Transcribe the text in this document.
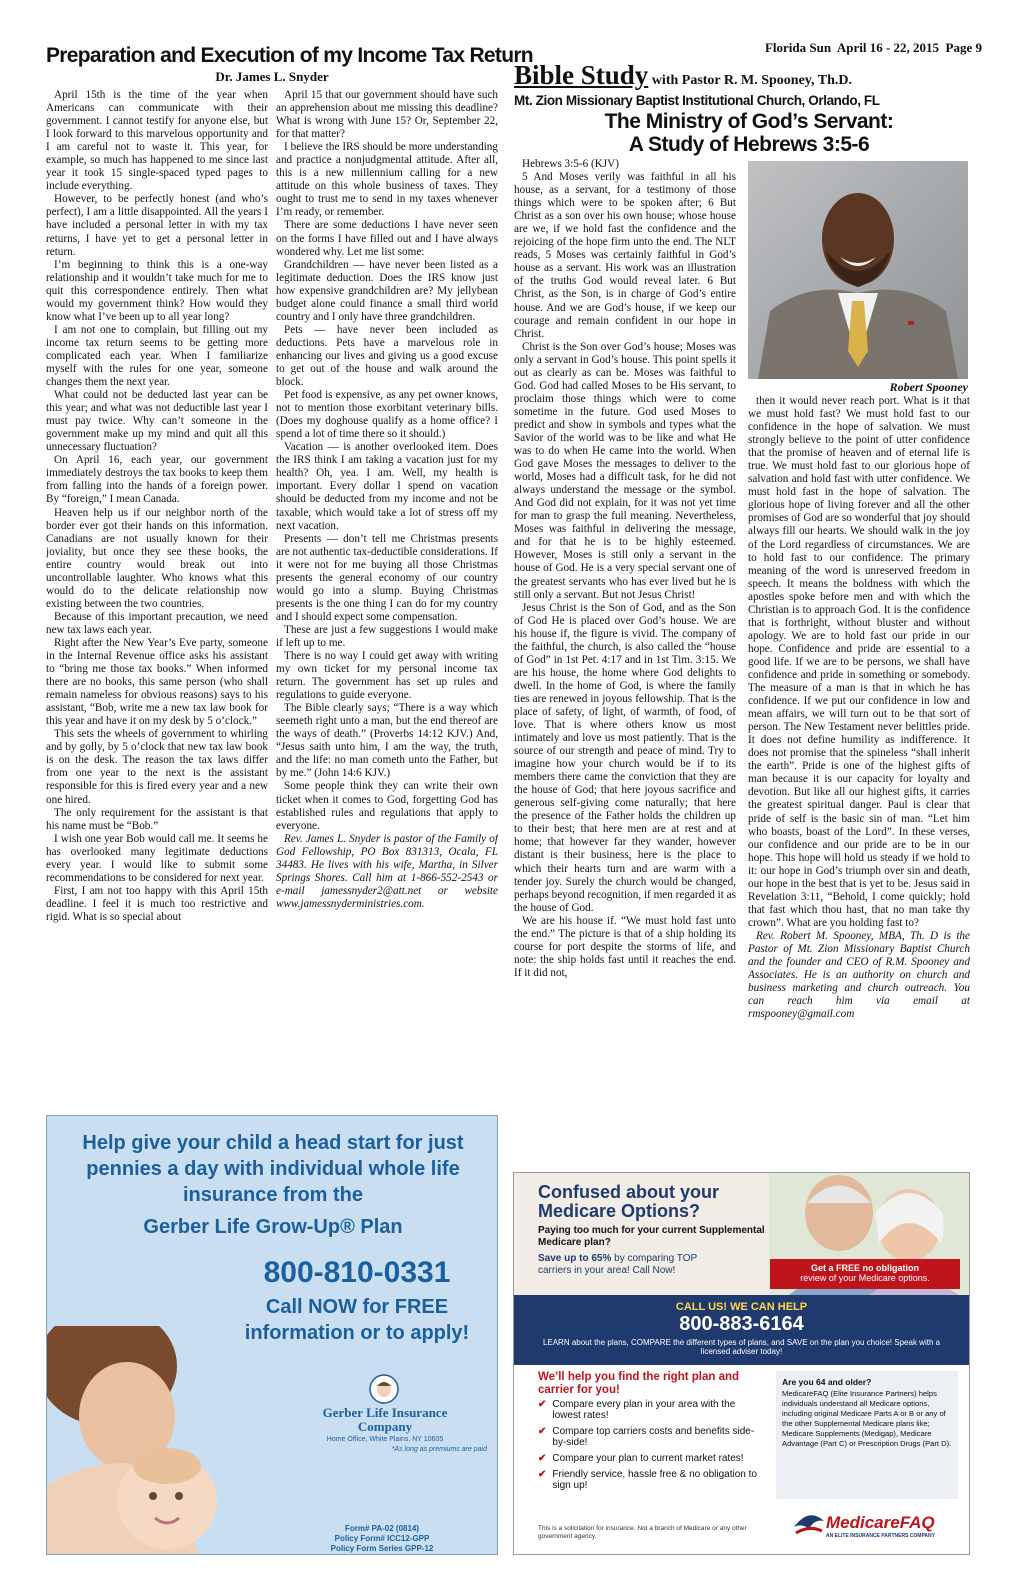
Florida Sun  April 16 - 22, 2015  Page 9
Preparation and Execution of my Income Tax Return
Dr. James L. Snyder

April 15th is the time of the year when Americans can communicate with their government. I cannot testify for anyone else, but I look forward to this marvelous opportunity and I am careful not to waste it. This year, for example, so much has happened to me since last year it took 15 single-spaced typed pages to include everything.

However, to be perfectly honest (and who’s perfect), I am a little disappointed. All the years I have included a personal letter in with my tax returns, I have yet to get a personal letter in return.

I’m beginning to think this is a one-way relationship and it wouldn’t take much for me to quit this correspondence entirely. Then what would my government think? How would they know what I’ve been up to all year long?

I am not one to complain, but filling out my income tax return seems to be getting more complicated each year. When I familiarize myself with the rules for one year, someone changes them the next year.

What could not be deducted last year can be this year; and what was not deductible last year I must pay twice. Why can’t someone in the government make up my mind and quit all this unnecessary fluctuation?

On April 16, each year, our government immediately destroys the tax books to keep them from falling into the hands of a foreign power. By “foreign,” I mean Canada.

Heaven help us if our neighbor north of the border ever got their hands on this information. Canadians are not usually known for their joviality, but once they see these books, the entire country would break out into uncontrollable laughter. Who knows what this would do to the delicate relationship now existing between the two countries.

Because of this important precaution, we need new tax laws each year.

Right after the New Year’s Eve party, someone in the Internal Revenue office asks his assistant to “bring me those tax books.” When informed there are no books, this same person (who shall remain nameless for obvious reasons) says to his assistant, “Bob, write me a new tax law book for this year and have it on my desk by 5 o’clock.”

This sets the wheels of government to whirling and by golly, by 5 o’clock that new tax law book is on the desk. The reason the tax laws differ from one year to the next is the assistant responsible for this is fired every year and a new one hired.

The only requirement for the assistant is that his name must be “Bob.”

I wish one year Bob would call me. It seems he has overlooked many legitimate deductions every year. I would like to submit some recommendations to be considered for next year.

First, I am not too happy with this April 15th deadline. I feel it is much too restrictive and rigid. What is so special about

April 15 that our government should have such an apprehension about me missing this deadline? What is wrong with June 15? Or, September 22, for that matter?

I believe the IRS should be more understanding and practice a nonjudgmental attitude. After all, this is a new millennium calling for a new attitude on this whole business of taxes. They ought to trust me to send in my taxes whenever I’m ready, or remember.

There are some deductions I have never seen on the forms I have filled out and I have always wondered why. Let me list some:

Grandchildren — have never been listed as a legitimate deduction. Does the IRS know just how expensive grandchildren are? My jellybean budget alone could finance a small third world country and I only have three grandchildren.

Pets — have never been included as deductions. Pets have a marvelous role in enhancing our lives and giving us a good excuse to get out of the house and walk around the block.

Pet food is expensive, as any pet owner knows, not to mention those exorbitant veterinary bills. (Does my doghouse qualify as a home office? I spend a lot of time there so it should.)

Vacation — is another overlooked item. Does the IRS think I am taking a vacation just for my health? Oh, yea. I am. Well, my health is important. Every dollar I spend on vacation should be deducted from my income and not be taxable, which would take a lot of stress off my next vacation.

Presents — don’t tell me Christmas presents are not authentic tax-deductible considerations. If it were not for me buying all those Christmas presents the general economy of our country would go into a slump. Buying Christmas presents is the one thing I can do for my country and I should expect some compensation.

These are just a few suggestions I would make if left up to me.

There is no way I could get away with writing my own ticket for my personal income tax return. The government has set up rules and regulations to guide everyone.

The Bible clearly says; “There is a way which seemeth right unto a man, but the end thereof are the ways of death.” (Proverbs 14:12 KJV.) And, “Jesus saith unto him, I am the way, the truth, and the life: no man cometh unto the Father, but by me.” (John 14:6 KJV.)

Some people think they can write their own ticket when it comes to God, forgetting God has established rules and regulations that apply to everyone.

Rev. James L. Snyder is pastor of the Family of God Fellowship, PO Box 831313, Ocala, FL 34483. He lives with his wife, Martha, in Silver Springs Shores. Call him at 1-866-552-2543 or e-mail jamessnyder2@att.net or website www.jamessnyderministries.com.

Bible Study with Pastor R. M. Spooney, Th.D.
Mt. Zion Missionary Baptist Institutional Church, Orlando, FL
The Ministry of God’s Servant:
A Study of Hebrews 3:5-6
Robert Spooney

Hebrews 3:5-6 (KJV)

5 And Moses verily was faithful in all his house, as a servant, for a testimony of those things which were to be spoken after; 6 But Christ as a son over his own house; whose house are we, if we hold fast the confidence and the rejoicing of the hope firm unto the end. The NLT reads, 5 Moses was certainly faithful in God’s house as a servant. His work was an illustration of the truths God would reveal later. 6 But Christ, as the Son, is in charge of God’s entire house. And we are God’s house, if we keep our courage and remain confident in our hope in Christ.

Christ is the Son over God’s house; Moses was only a servant in God’s house. This point spells it out as clearly as can be. Moses was faithful to God. God had called Moses to be His servant, to proclaim those things which were to come sometime in the future. God used Moses to predict and show in symbols and types what the Savior of the world was to be like and what He was to do when He came into the world. When God gave Moses the messages to deliver to the world, Moses had a difficult task, for he did not always understand the message or the symbol. And God did not explain, for it was not yet time for man to grasp the full meaning. Nevertheless, Moses was faithful in delivering the message, and for that he is to be highly esteemed. However, Moses is still only a servant in the house of God. He is a very special servant one of the greatest servants who has ever lived but he is still only a servant. But not Jesus Christ!

Jesus Christ is the Son of God, and as the Son of God He is placed over God’s house. We are his house if, the figure is vivid. The company of the faithful, the church, is also called the “house of God” in 1st Pet. 4:17 and in 1st Tim. 3:15. We are his house, the home where God delights to dwell. In the home of God, is where the family ties are renewed in joyous fellowship. That is the place of safety, of light, of warmth, of food, of love. That is where others know us most intimately and love us most patiently. That is the source of our strength and peace of mind. Try to imagine how your church would be if to its members there came the conviction that they are the house of God; that here joyous sacrifice and generous self-giving come naturally; that here the presence of the Father holds the children up to their best; that here men are at rest and at home; that however far they wander, however distant is their business, here is the place to which their hearts turn and are warm with a tender joy. Surely the church would be changed, perhaps beyond recognition, if men regarded it as the house of God.

We are his house if. “We must hold fast unto the end.” The picture is that of a ship holding its course for port despite the storms of life, and note: the ship holds fast until it reaches the end. If it did not,

then it would never reach port. What is it that we must hold fast? We must hold fast to our confidence in the hope of salvation. We must strongly believe to the point of utter confidence that the promise of heaven and of eternal life is true. We must hold fast to our glorious hope of salvation and hold fast with utter confidence. We must hold fast in the hope of salvation. The glorious hope of living forever and all the other promises of God are so wonderful that joy should always fill our hearts. We should walk in the joy of the Lord regardless of circumstances. We are to hold fast to our confidence. The primary meaning of the word is unreserved freedom in speech. It means the boldness with which the apostles spoke before men and with which the Christian is to approach God. It is the confidence that is forthright, without bluster and without apology. We are to hold fast our pride in our hope. Confidence and pride are essential to a good life. If we are to be persons, we shall have confidence and pride in something or somebody. The measure of a man is that in which he has confidence. If we put our confidence in low and mean affairs, we will turn out to be that sort of person. The New Testament never belittles pride. It does not define humility as indifference. It does not promise that the spineless “shall inherit the earth”. Pride is one of the highest gifts of man because it is our capacity for loyalty and devotion. But like all our highest gifts, it carries the greatest spiritual danger. Paul is clear that pride of self is the basic sin of man. “Let him who boasts, boast of the Lord”. In these verses, our confidence and our pride are to be in our hope. This hope will hold us steady if we hold to it: our hope in God’s triumph over sin and death, our hope in the best that is yet to be. Jesus said in Revelation 3:11, “Behold, I come quickly; hold that fast which thou hast, that no man take thy crown”. What are you holding fast to?

Rev. Robert M. Spooney, MBA, Th. D is the Pastor of Mt. Zion Missionary Baptist Church and the founder and CEO of R.M. Spooney and Associates. He is an authority on church and business marketing and church outreach. You can reach him via email at rmspooney@gmail.com

Help give your child a head start for just pennies a day with individual whole life insurance from the
Gerber Life Grow-Up® Plan
800-810-0331
Call NOW for FREE information or to apply!
Gerber Life Insurance Company
Home Office, White Plains, NY 10605
*As long as premiums are paid
Form# PA-02 (0814)
Policy Form# ICC12-GPP
Policy Form Series GPP-12
Confused about your Medicare Options?
Paying too much for your current Supplemental Medicare plan?
Save up to 65% by comparing TOP carriers in your area! Call Now!	Get a FREE no obligation
review of your Medicare options.
CALL US! WE CAN HELP
800-883-6164
LEARN about the plans, COMPARE the different types of plans, and SAVE on the plan you choice! Speak with a licensed adviser today!
We’ll help you find the right plan and carrier for you!
✔ Compare every plan in your area with the lowest rates!
✔ Compare top carriers costs and benefits side-by-side!
✔ Compare your plan to current market rates!
✔ Friendly service, hassle free & no obligation to sign up!
This is a solicitation for insurance. Not a branch of Medicare or any other government agency.
Are you 64 and older?
MedicareFAQ (Elite Insurance Partners) helps individuals understand all Medicare options, including original Medicare Parts A or B or any of the other Supplemental Medicare plans like; Medicare Supplements (Medigap), Medicare Advantage (Part C) or Prescription Drugs (Part D).
MedicareFAQ
AN ELITE INSURANCE PARTNERS COMPANY
